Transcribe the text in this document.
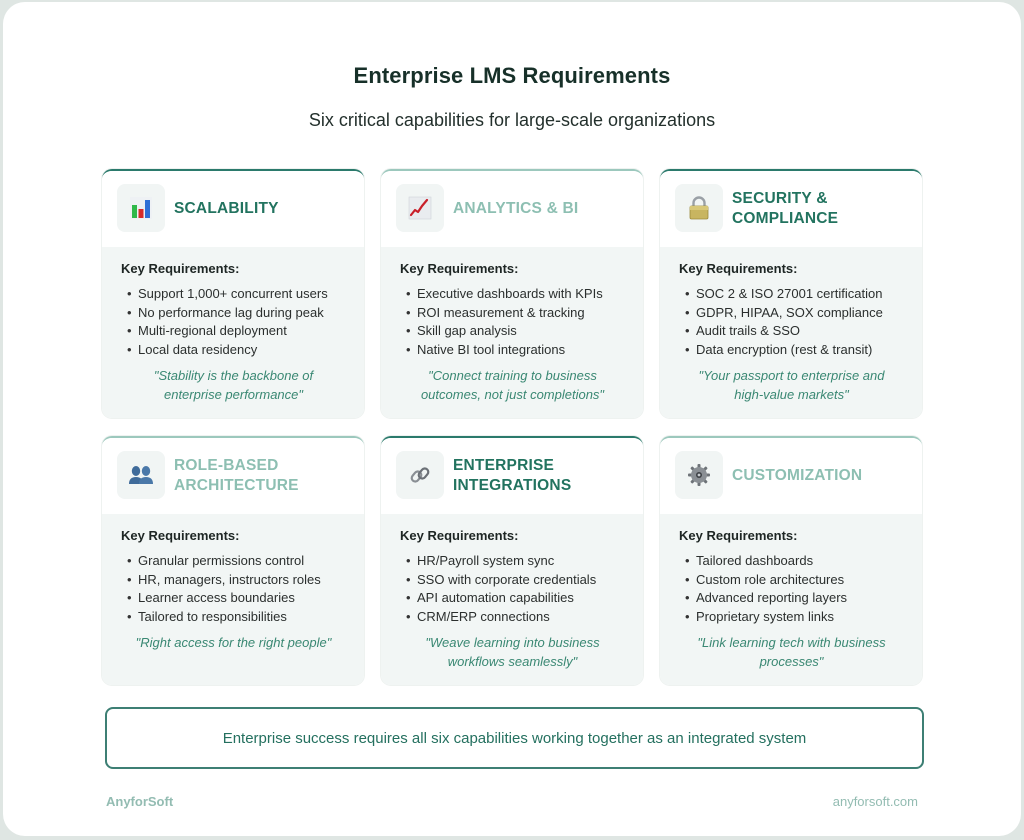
Enterprise LMS Requirements
Six critical capabilities for large-scale organizations
SCALABILITY
Key Requirements:
• Support 1,000+ concurrent users
• No performance lag during peak
• Multi-regional deployment
• Local data residency
"Stability is the backbone of enterprise performance"
ANALYTICS & BI
Key Requirements:
• Executive dashboards with KPIs
• ROI measurement & tracking
• Skill gap analysis
• Native BI tool integrations
"Connect training to business outcomes, not just completions"
SECURITY & COMPLIANCE
Key Requirements:
• SOC 2 & ISO 27001 certification
• GDPR, HIPAA, SOX compliance
• Audit trails & SSO
• Data encryption (rest & transit)
"Your passport to enterprise and high-value markets"
ROLE-BASED ARCHITECTURE
Key Requirements:
• Granular permissions control
• HR, managers, instructors roles
• Learner access boundaries
• Tailored to responsibilities
"Right access for the right people"
ENTERPRISE INTEGRATIONS
Key Requirements:
• HR/Payroll system sync
• SSO with corporate credentials
• API automation capabilities
• CRM/ERP connections
"Weave learning into business workflows seamlessly"
CUSTOMIZATION
Key Requirements:
• Tailored dashboards
• Custom role architectures
• Advanced reporting layers
• Proprietary system links
"Link learning tech with business processes"
Enterprise success requires all six capabilities working together as an integrated system
AnyforSoft	anyforsoft.com
